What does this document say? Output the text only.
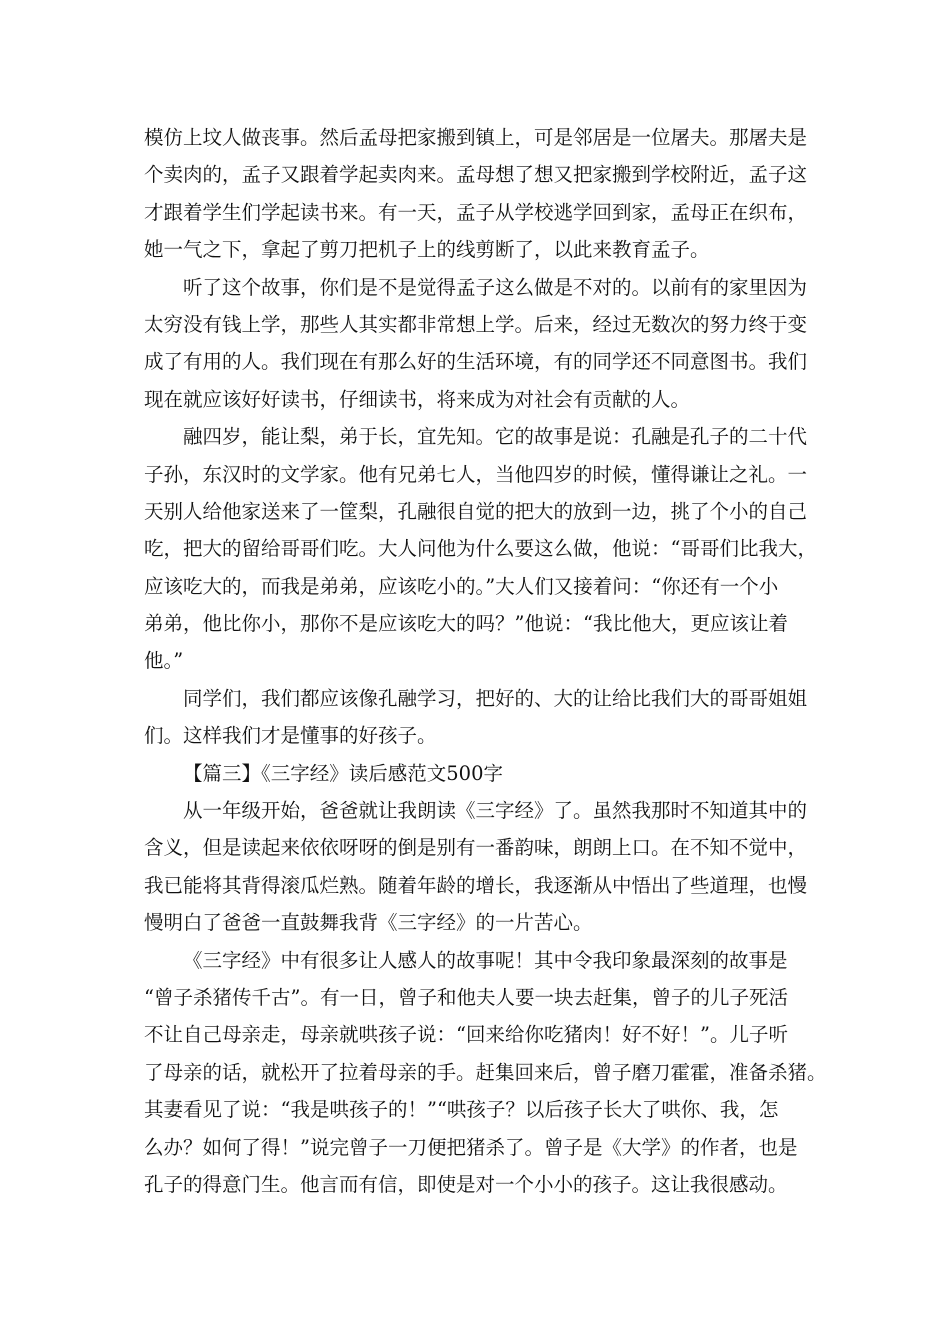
模仿上坟人做丧事。然后孟母把家搬到镇上，可是邻居是一位屠夫。那屠夫是
个卖肉的，孟子又跟着学起卖肉来。孟母想了想又把家搬到学校附近，孟子这
才跟着学生们学起读书来。有一天，孟子从学校逃学回到家，孟母正在织布，
她一气之下，拿起了剪刀把机子上的线剪断了，以此来教育孟子。
听了这个故事，你们是不是觉得孟子这么做是不对的。以前有的家里因为
太穷没有钱上学，那些人其实都非常想上学。后来，经过无数次的努力终于变
成了有用的人。我们现在有那么好的生活环境，有的同学还不同意图书。我们
现在就应该好好读书，仔细读书，将来成为对社会有贡献的人。
融四岁，能让梨，弟于长，宜先知。它的故事是说：孔融是孔子的二十代
子孙，东汉时的文学家。他有兄弟七人，当他四岁的时候，懂得谦让之礼。一
天别人给他家送来了一筐梨，孔融很自觉的把大的放到一边，挑了个小的自己
吃，把大的留给哥哥们吃。大人问他为什么要这么做，他说：“哥哥们比我大，
应该吃大的，而我是弟弟，应该吃小的。”大人们又接着问：“你还有一个小
弟弟，他比你小，那你不是应该吃大的吗？”他说：“我比他大，更应该让着
他。”
同学们，我们都应该像孔融学习，把好的、大的让给比我们大的哥哥姐姐
们。这样我们才是懂事的好孩子。
【篇三】《三字经》读后感范文500字
从一年级开始，爸爸就让我朗读《三字经》了。虽然我那时不知道其中的
含义，但是读起来依依呀呀的倒是别有一番韵味，朗朗上口。在不知不觉中，
我已能将其背得滚瓜烂熟。随着年龄的增长，我逐渐从中悟出了些道理，也慢
慢明白了爸爸一直鼓舞我背《三字经》的一片苦心。
《三字经》中有很多让人感人的故事呢！其中令我印象最深刻的故事是
“曾子杀猪传千古”。有一日，曾子和他夫人要一块去赶集，曾子的儿子死活
不让自己母亲走，母亲就哄孩子说：“回来给你吃猪肉！好不好！”。儿子听
了母亲的话，就松开了拉着母亲的手。赶集回来后，曾子磨刀霍霍，准备杀猪。
其妻看见了说：“我是哄孩子的！”“哄孩子？以后孩子长大了哄你、我，怎
么办？如何了得！”说完曾子一刀便把猪杀了。曾子是《大学》的作者，也是
孔子的得意门生。他言而有信，即使是对一个小小的孩子。这让我很感动。
